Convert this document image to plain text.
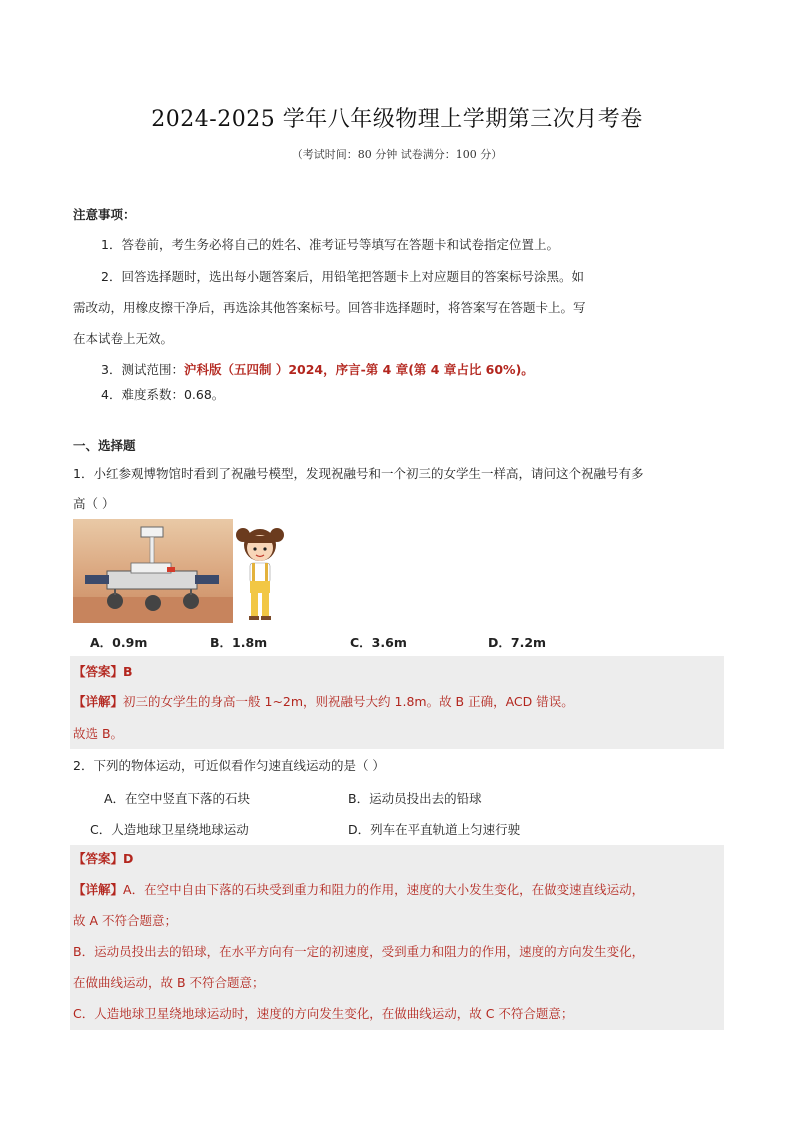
2024-2025 学年八年级物理上学期第三次月考卷
（考试时间：80 分钟 试卷满分：100 分）
注意事项：
1．答卷前，考生务必将自己的姓名、准考证号等填写在答题卡和试卷指定位置上。
2．回答选择题时，选出每小题答案后，用铅笔把答题卡上对应题目的答案标号涂黑。如
需改动，用橡皮擦干净后，再选涂其他答案标号。回答非选择题时，将答案写在答题卡上。写
在本试卷上无效。
3．测试范围：沪科版（五四制 ）2024，序言-第 4 章(第 4 章占比 60%)。
4．难度系数：0.68。
一、选择题
1．小红参观博物馆时看到了祝融号模型，发现祝融号和一个初三的女学生一样高，请问这个祝融号有多
高（ ）
A．0.9m	B．1.8m	C．3.6m	D．7.2m
【答案】B
【详解】初三的女学生的身高一般 1~2m，则祝融号大约 1.8m。故 B 正确，ACD 错误。
故选 B。
2．下列的物体运动，可近似看作匀速直线运动的是（ ）
A．在空中竖直下落的石块	B．运动员投出去的铅球
C．人造地球卫星绕地球运动	D．列车在平直轨道上匀速行驶
【答案】D
【详解】A．在空中自由下落的石块受到重力和阻力的作用，速度的大小发生变化，在做变速直线运动，
故 A 不符合题意；
B．运动员投出去的铅球，在水平方向有一定的初速度，受到重力和阻力的作用，速度的方向发生变化，
在做曲线运动，故 B 不符合题意；
C．人造地球卫星绕地球运动时，速度的方向发生变化，在做曲线运动，故 C 不符合题意；
